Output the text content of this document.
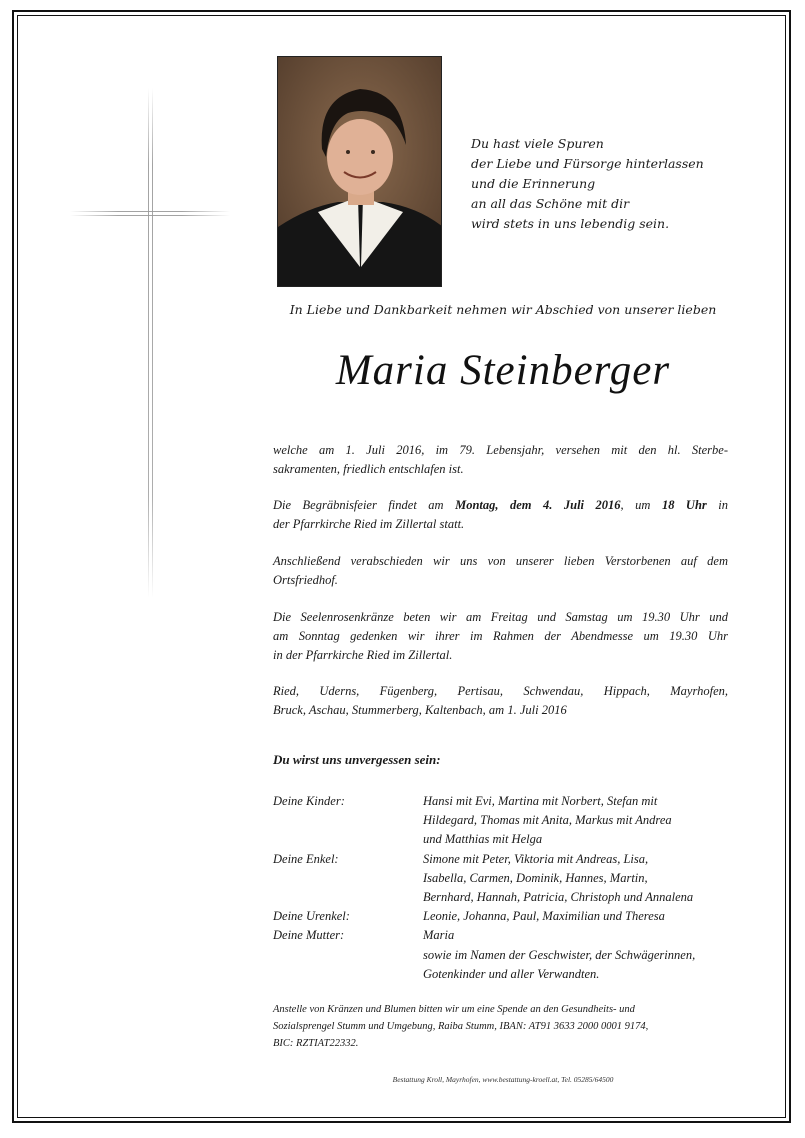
Du hast viele Spuren
der Liebe und Fürsorge hinterlassen
und die Erinnerung
an all das Schöne mit dir
wird stets in uns lebendig sein.
In Liebe und Dankbarkeit nehmen wir Abschied von unserer lieben
Maria Steinberger
welche am 1. Juli 2016, im 79. Lebensjahr, versehen mit den hl. Sterbe-
sakramenten, friedlich entschlafen ist.
Die Begräbnisfeier findet am Montag, dem 4. Juli 2016, um 18 Uhr in
der Pfarrkirche Ried im Zillertal statt.
Anschließend verabschieden wir uns von unserer lieben Verstorbenen auf dem
Ortsfriedhof.
Die Seelenrosenkränze beten wir am Freitag und Samstag um 19.30 Uhr und
am Sonntag gedenken wir ihrer im Rahmen der Abendmesse um 19.30 Uhr
in der Pfarrkirche Ried im Zillertal.
Ried, Uderns, Fügenberg, Pertisau, Schwendau, Hippach, Mayrhofen,
Bruck, Aschau, Stummerberg, Kaltenbach, am 1. Juli 2016
Du wirst uns unvergessen sein:
Deine Kinder:	Hansi mit Evi, Martina mit Norbert, Stefan mit
Hildegard, Thomas mit Anita, Markus mit Andrea
und Matthias mit Helga
Deine Enkel:	Simone mit Peter, Viktoria mit Andreas, Lisa,
Isabella, Carmen, Dominik, Hannes, Martin,
Bernhard, Hannah, Patricia, Christoph und Annalena
Deine Urenkel:	Leonie, Johanna, Paul, Maximilian und Theresa
Deine Mutter:	Maria
sowie im Namen der Geschwister, der Schwägerinnen,
Gotenkinder und aller Verwandten.
Anstelle von Kränzen und Blumen bitten wir um eine Spende an den Gesundheits- und
Sozialsprengel Stumm und Umgebung, Raiba Stumm, IBAN: AT91 3633 2000 0001 9174,
BIC: RZTIAT22332.
Bestattung Kroll, Mayrhofen, www.bestattung-kroell.at, Tel. 05285/64500
